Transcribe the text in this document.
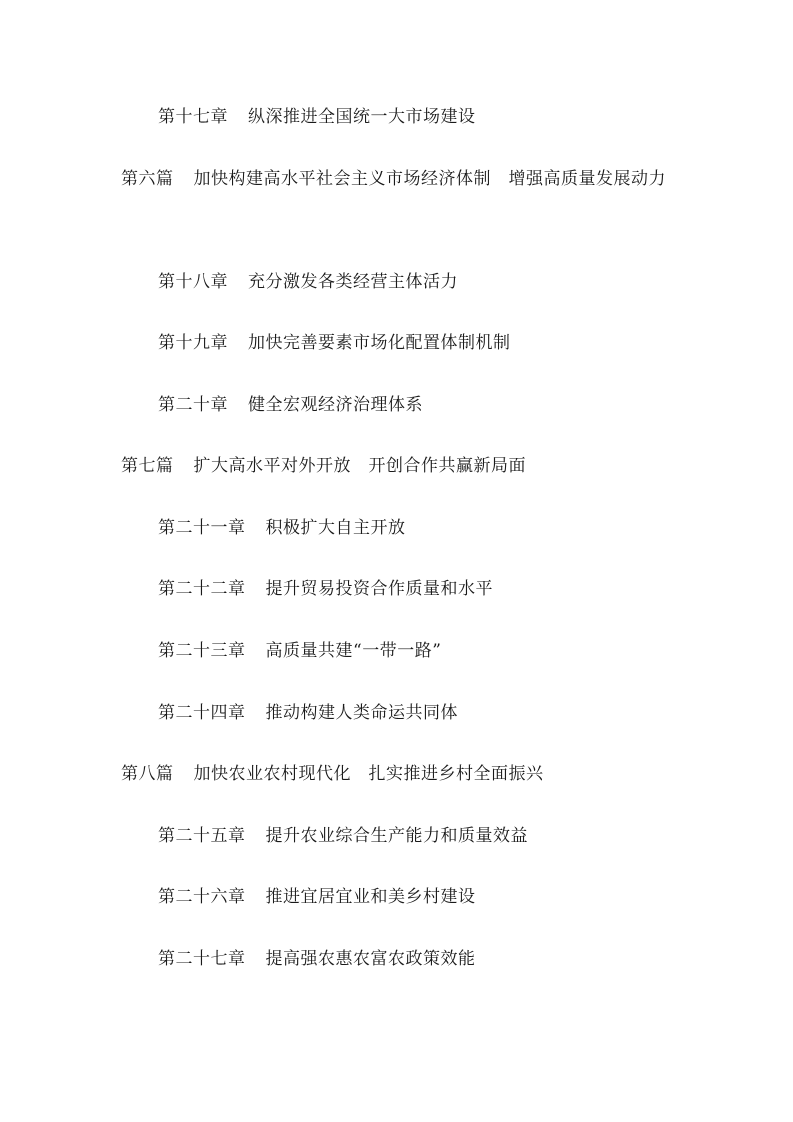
第十七章 纵深推进全国统一大市场建设
第六篇 加快构建高水平社会主义市场经济体制　增强高质量发展动力
第十八章 充分激发各类经营主体活力
第十九章 加快完善要素市场化配置体制机制
第二十章 健全宏观经济治理体系
第七篇 扩大高水平对外开放　开创合作共赢新局面
第二十一章 积极扩大自主开放
第二十二章 提升贸易投资合作质量和水平
第二十三章 高质量共建“一带一路”
第二十四章 推动构建人类命运共同体
第八篇 加快农业农村现代化　扎实推进乡村全面振兴
第二十五章 提升农业综合生产能力和质量效益
第二十六章 推进宜居宜业和美乡村建设
第二十七章 提高强农惠农富农政策效能
